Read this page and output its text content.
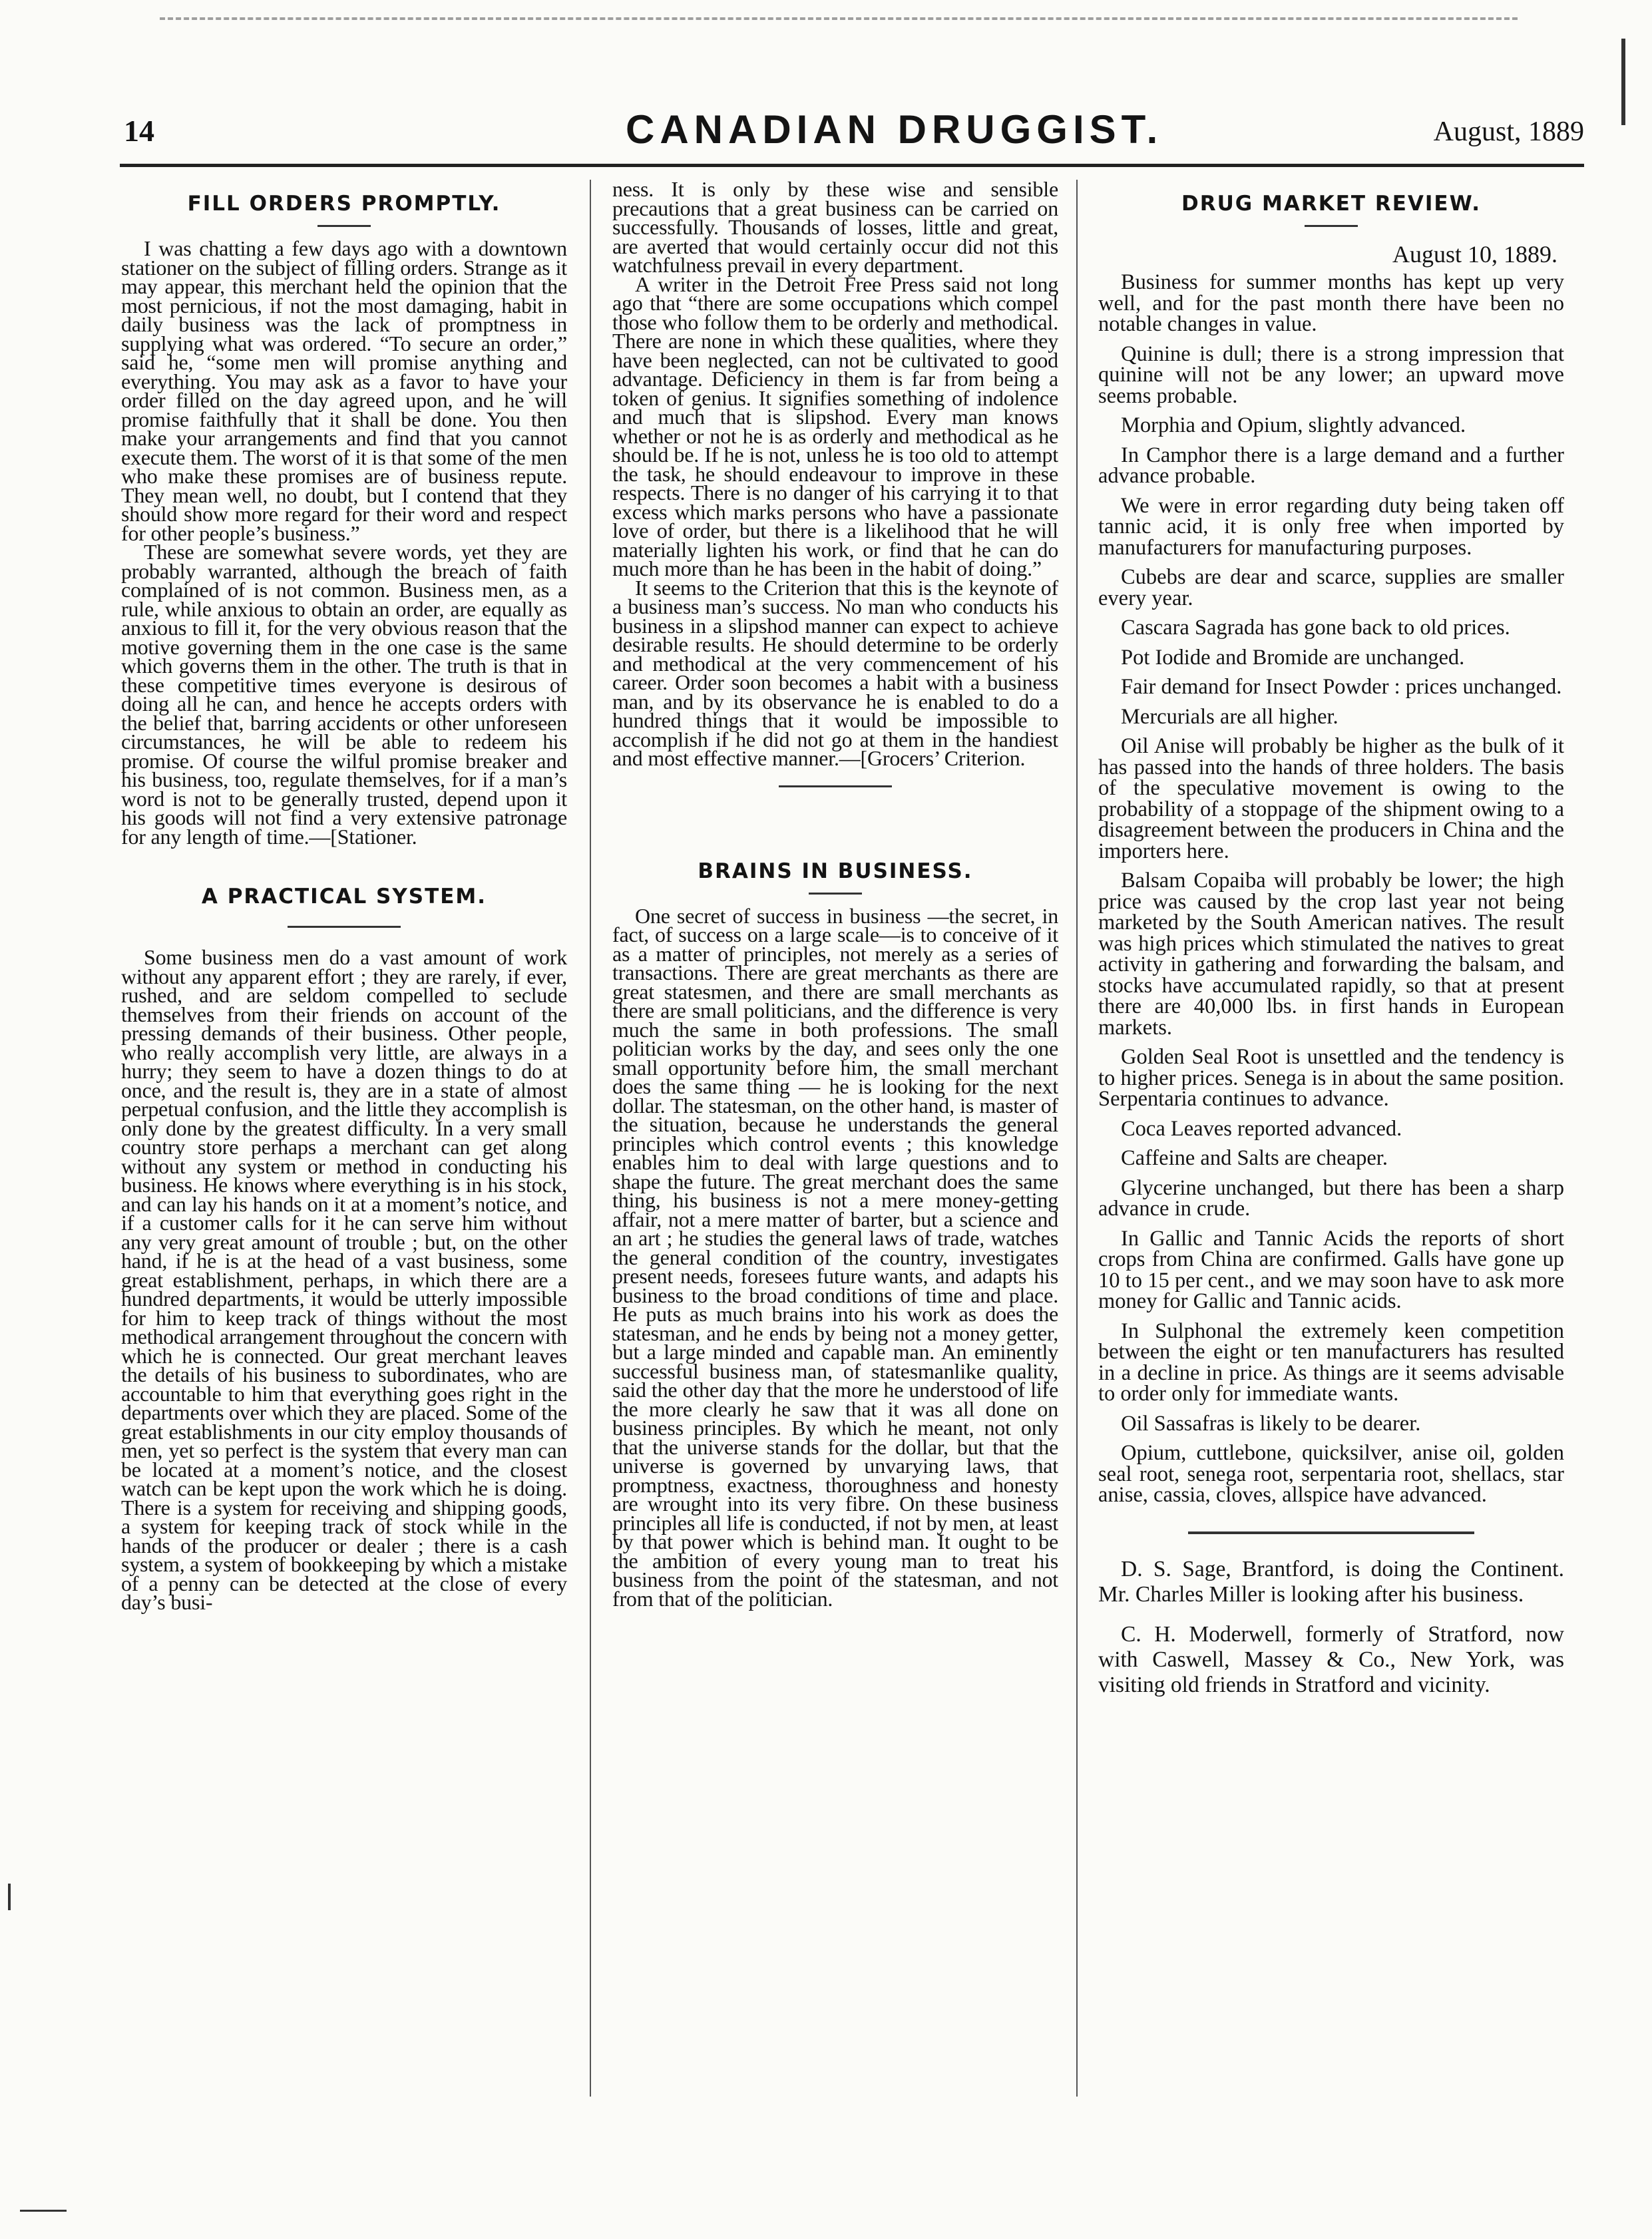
14	CANADIAN DRUGGIST.	August, 1889
FILL ORDERS PROMPTLY.

I was chatting a few days ago with a downtown stationer on the subject of filling orders. Strange as it may appear, this merchant held the opinion that the most pernicious, if not the most damaging, habit in daily business was the lack of promptness in supplying what was ordered. “To secure an order,” said he, “some men will promise anything and everything. You may ask as a favor to have your order filled on the day agreed upon, and he will promise faithfully that it shall be done. You then make your arrangements and find that you cannot execute them. The worst of it is that some of the men who make these promises are of business repute. They mean well, no doubt, but I contend that they should show more regard for their word and respect for other people’s business.”

These are somewhat severe words, yet they are probably warranted, although the breach of faith complained of is not common. Business men, as a rule, while anxious to obtain an order, are equally as anxious to fill it, for the very obvious reason that the motive governing them in the one case is the same which governs them in the other. The truth is that in these competitive times everyone is desirous of doing all he can, and hence he accepts orders with the belief that, barring accidents or other unforeseen circumstances, he will be able to redeem his promise. Of course the wilful promise breaker and his business, too, regulate themselves, for if a man’s word is not to be generally trusted, depend upon it his goods will not find a very extensive patronage for any length of time.—[Stationer.

A PRACTICAL SYSTEM.

Some business men do a vast amount of work without any apparent effort ; they are rarely, if ever, rushed, and are seldom compelled to seclude themselves from their friends on account of the pressing demands of their business. Other people, who really accomplish very little, are always in a hurry; they seem to have a dozen things to do at once, and the result is, they are in a state of almost perpetual confusion, and the little they accomplish is only done by the greatest difficulty. In a very small country store perhaps a merchant can get along without any system or method in conducting his business. He knows where everything is in his stock, and can lay his hands on it at a moment’s notice, and if a customer calls for it he can serve him without any very great amount of trouble ; but, on the other hand, if he is at the head of a vast business, some great establishment, perhaps, in which there are a hundred departments, it would be utterly impossible for him to keep track of things without the most methodical arrangement throughout the concern with which he is connected. Our great merchant leaves the details of his business to subordinates, who are accountable to him that everything goes right in the departments over which they are placed. Some of the great establishments in our city employ thousands of men, yet so perfect is the system that every man can be located at a moment’s notice, and the closest watch can be kept upon the work which he is doing. There is a system for receiving and shipping goods, a system for keeping track of stock while in the hands of the producer or dealer ; there is a cash system, a system of bookkeeping by which a mistake of a penny can be detected at the close of every day’s busi-

ness. It is only by these wise and sensible precautions that a great business can be carried on successfully. Thousands of losses, little and great, are averted that would certainly occur did not this watchfulness prevail in every department.

A writer in the Detroit Free Press said not long ago that “there are some occupations which compel those who follow them to be orderly and methodical. There are none in which these qualities, where they have been neglected, can not be cultivated to good advantage. Deficiency in them is far from being a token of genius. It signifies something of indolence and much that is slipshod. Every man knows whether or not he is as orderly and methodical as he should be. If he is not, unless he is too old to attempt the task, he should endeavour to improve in these respects. There is no danger of his carrying it to that excess which marks persons who have a passionate love of order, but there is a likelihood that he will materially lighten his work, or find that he can do much more than he has been in the habit of doing.”

It seems to the Criterion that this is the keynote of a business man’s success. No man who conducts his business in a slipshod manner can expect to achieve desirable results. He should determine to be orderly and methodical at the very commencement of his career. Order soon becomes a habit with a business man, and by its observance he is enabled to do a hundred things that it would be impossible to accomplish if he did not go at them in the handiest and most effective manner.—[Grocers’ Criterion.

BRAINS IN BUSINESS.

One secret of success in business —the secret, in fact, of success on a large scale—is to conceive of it as a matter of principles, not merely as a series of transactions. There are great merchants as there are great statesmen, and there are small merchants as there are small politicians, and the difference is very much the same in both professions. The small politician works by the day, and sees only the one small opportunity before him, the small merchant does the same thing — he is looking for the next dollar. The statesman, on the other hand, is master of the situation, because he understands the general principles which control events ; this knowledge enables him to deal with large questions and to shape the future. The great merchant does the same thing, his business is not a mere money-getting affair, not a mere matter of barter, but a science and an art ; he studies the general laws of trade, watches the general condition of the country, investigates present needs, foresees future wants, and adapts his business to the broad conditions of time and place. He puts as much brains into his work as does the statesman, and he ends by being not a money getter, but a large minded and capable man. An eminently successful business man, of statesmanlike quality, said the other day that the more he understood of life the more clearly he saw that it was all done on business principles. By which he meant, not only that the universe stands for the dollar, but that the universe is governed by unvarying laws, that promptness, exactness, thoroughness and honesty are wrought into its very fibre. On these business principles all life is conducted, if not by men, at least by that power which is behind man. It ought to be the ambition of every young man to treat his business from the point of the statesman, and not from that of the politician.

DRUG MARKET REVIEW.
August 10, 1889.

Business for summer months has kept up very well, and for the past month there have been no notable changes in value.

Quinine is dull; there is a strong impression that quinine will not be any lower; an upward move seems probable.

Morphia and Opium, slightly advanced.

In Camphor there is a large demand and a further advance probable.

We were in error regarding duty being taken off tannic acid, it is only free when imported by manufacturers for manufacturing purposes.

Cubebs are dear and scarce, supplies are smaller every year.

Cascara Sagrada has gone back to old prices.

Pot Iodide and Bromide are unchanged.

Fair demand for Insect Powder : prices unchanged.

Mercurials are all higher.

Oil Anise will probably be higher as the bulk of it has passed into the hands of three holders. The basis of the speculative movement is owing to the probability of a stoppage of the shipment owing to a disagreement between the producers in China and the importers here.

Balsam Copaiba will probably be lower; the high price was caused by the crop last year not being marketed by the South American natives. The result was high prices which stimulated the natives to great activity in gathering and forwarding the balsam, and stocks have accumulated rapidly, so that at present there are 40,000 lbs. in first hands in European markets.

Golden Seal Root is unsettled and the tendency is to higher prices. Senega is in about the same position. Serpentaria continues to advance.

Coca Leaves reported advanced.

Caffeine and Salts are cheaper.

Glycerine unchanged, but there has been a sharp advance in crude.

In Gallic and Tannic Acids the reports of short crops from China are confirmed. Galls have gone up 10 to 15 per cent., and we may soon have to ask more money for Gallic and Tannic acids.

In Sulphonal the extremely keen competition between the eight or ten manufacturers has resulted in a decline in price. As things are it seems advisable to order only for immediate wants.

Oil Sassafras is likely to be dearer.

Opium, cuttlebone, quicksilver, anise oil, golden seal root, senega root, serpentaria root, shellacs, star anise, cassia, cloves, allspice have advanced.

D. S. Sage, Brantford, is doing the Continent. Mr. Charles Miller is looking after his business.

C. H. Moderwell, formerly of Stratford, now with Caswell, Massey & Co., New York, was visiting old friends in Stratford and vicinity.
